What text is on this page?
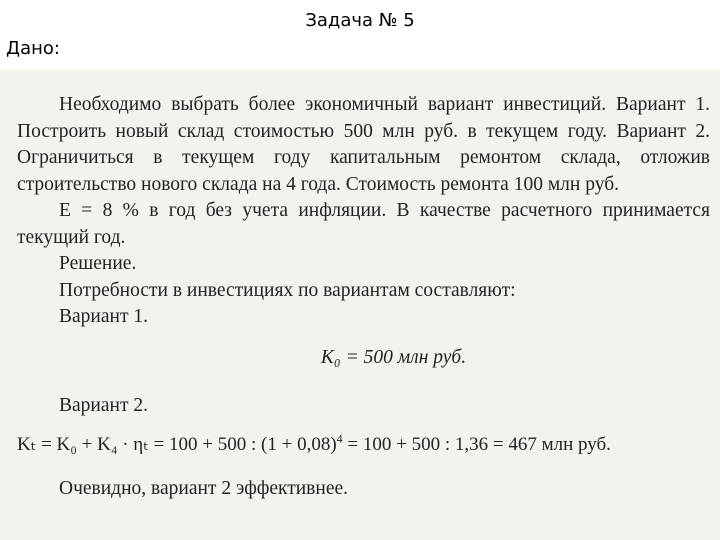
Задача № 5
Дано:

Необходимо выбрать более экономичный вариант инвестиций. Вариант 1. Построить новый склад стоимостью 500 млн руб. в текущем году. Вариант 2. Ограничиться в текущем году капитальным ремонтом склада, отложив строительство нового склада на 4 года. Стоимость ремонта 100 млн руб.

E = 8 % в год без учета инфляции. В качестве расчетного принимается текущий год.

Решение.

Потребности в инвестициях по вариантам составляют:

Вариант 1.

K₀ = 500 млн руб.

Вариант 2.

Kₜ = K₀ + K₄ · ηₜ = 100 + 500 : $(1 + 0,08)^4 = 100 + 500$ : 1,36 = 467 млн руб.

Очевидно, вариант 2 эффективнее.
